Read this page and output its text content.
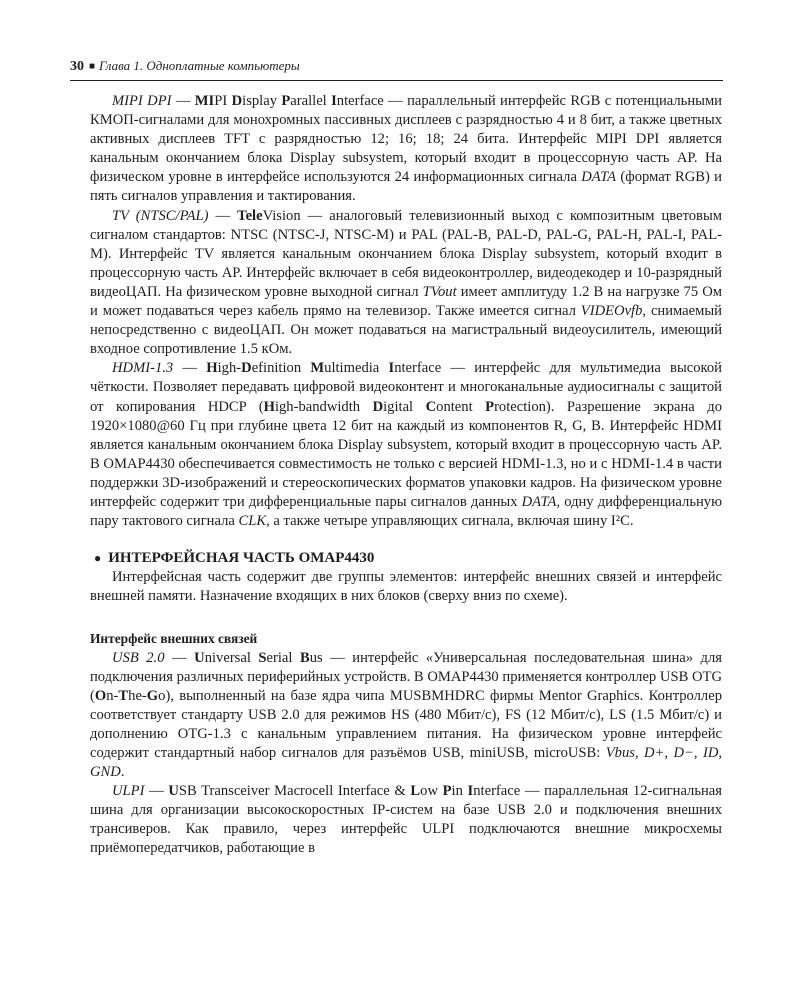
30 ■ Глава 1. Одноплатные компьютеры

MIPI DPI — MIPI Display Parallel Interface — параллельный интерфейс RGB с потенциальными КМОП-сигналами для монохромных пассивных дисплеев с разрядностью 4 и 8 бит, а также цветных активных дисплеев TFT с разрядностью 12; 16; 18; 24 бита. Интерфейс MIPI DPI является канальным окончанием блока Display subsystem, который входит в процессорную часть AP. На физическом уровне в интерфейсе используются 24 информационных сигнала DATA (формат RGB) и пять сигналов управления и тактирования.

TV (NTSC/PAL) — TeleVision — аналоговый телевизионный выход с композитным цветовым сигналом стандартов: NTSC (NTSC-J, NTSC-M) и PAL (PAL-B, PAL-D, PAL-G, PAL-H, PAL-I, PAL-M). Интерфейс TV является канальным окончанием блока Display subsystem, который входит в процессорную часть AP. Интерфейс включает в себя видеоконтроллер, видеодекодер и 10-разрядный видеоЦАП. На физическом уровне выходной сигнал TVout имеет амплитуду 1.2 В на нагрузке 75 Ом и может подаваться через кабель прямо на телевизор. Также имеется сигнал VIDEOvfb, снимаемый непосредственно с видеоЦАП. Он может подаваться на магистральный видеоусилитель, имеющий входное сопротивление 1.5 кОм.

HDMI-1.3 — High-Definition Multimedia Interface — интерфейс для мультимедиа высокой чёткости. Позволяет передавать цифровой видеоконтент и многоканальные аудиосигналы с защитой от копирования HDCP (High-bandwidth Digital Content Protection). Разрешение экрана до 1920×1080@60 Гц при глубине цвета 12 бит на каждый из компонентов R, G, B. Интерфейс HDMI является канальным окончанием блока Display subsystem, который входит в процессорную часть AP. В OMAP4430 обеспечивается совместимость не только с версией HDMI-1.3, но и с HDMI-1.4 в части поддержки 3D-изображений и стереоскопических форматов упаковки кадров. На физическом уровне интерфейс содержит три дифференциальные пары сигналов данных DATA, одну дифференциальную пару тактового сигнала CLK, а также четыре управляющих сигнала, включая шину I²C.

● ИНТЕРФЕЙСНАЯ ЧАСТЬ OMAP4430

Интерфейсная часть содержит две группы элементов: интерфейс внешних связей и интерфейс внешней памяти. Назначение входящих в них блоков (сверху вниз по схеме).

Интерфейс внешних связей

USB 2.0 — Universal Serial Bus — интерфейс «Универсальная последовательная шина» для подключения различных периферийных устройств. В OMAP4430 применяется контроллер USB OTG (On-The-Go), выполненный на базе ядра чипа MUSBMHDRC фирмы Mentor Graphics. Контроллер соответствует стандарту USB 2.0 для режимов HS (480 Мбит/с), FS (12 Мбит/с), LS (1.5 Мбит/с) и дополнению OTG-1.3 с канальным управлением питания. На физическом уровне интерфейс содержит стандартный набор сигналов для разъёмов USB, miniUSB, microUSB: Vbus, D+, D−, ID, GND.

ULPI — USB Transceiver Macrocell Interface & Low Pin Interface — параллельная 12-сигнальная шина для организации высокоскоростных IP-систем на базе USB 2.0 и подключения внешних трансиверов. Как правило, через интерфейс ULPI подключаются внешние микросхемы приёмопередатчиков, работающие в
